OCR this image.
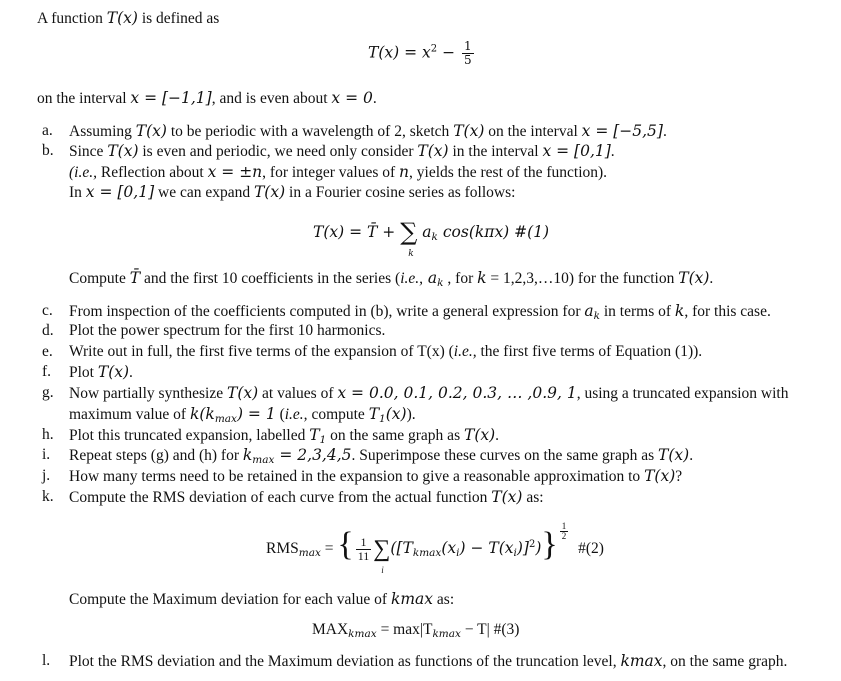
A function T(x) is defined as
$T(x) = x^2 - \frac{1}{5}$
on the interval x = [−1,1], and is even about x = 0.
a.	Assuming T(x) to be periodic with a wavelength of 2, sketch T(x) on the interval x = [−5,5].
b. Since T(x) is even and periodic, we need only consider T(x) in the interval x = [0,1].
(i.e., Reflection about x = ±n, for integer values of n, yields the rest of the function).
In x = [0,1] we can expand T(x) in a Fourier cosine series as follows:
T(x) = T̄ + ∑
k
$a_k$ cos(kπx) #(1)
Compute T̄ and the first 10 coefficients in the series (i.e., $a_k$ , for k = 1,2,3,…10) for the function T(x).
c.	From inspection of the coefficients computed in (b), write a general expression for $a_k$ in terms of k, for this case.
d. Plot the power spectrum for the first 10 harmonics.
e.	Write out in full, the first five terms of the expansion of T(x) (i.e., the first five terms of Equation (1)).
f.	Plot T(x).
g. Now partially synthesize T(x) at values of x = 0.0, 0.1, 0.2, 0.3, … ,0.9, 1, using a truncated expansion with
maximum value of $k(k_{max}) = 1$ (i.e., compute $T_1(x)$).
h. Plot this truncated expansion, labelled $T_1$ on the same graph as T(x).
i.	Repeat steps (g) and (h) for $k_{max} = 2,3,4,5$. Superimpose these curves on the same graph as T(x).
j.	How many terms need to be retained in the expansion to give a reasonable approximation to T(x)?
k. Compute the RMS deviation of each curve from the actual function T(x) as:
$RMS_{max}$ = { $\frac{1}{11}$ ∑
i
$([T_{kmax}(x_i) - T(x_i)]^2)\} \frac{1}{2}$
#(2)
Compute the Maximum deviation for each value of kmax as:
$MAX_{kmax} = \max|T_{kmax} - T|$ #(3)
l.	Plot the RMS deviation and the Maximum deviation as functions of the truncation level, kmax, on the same graph.
